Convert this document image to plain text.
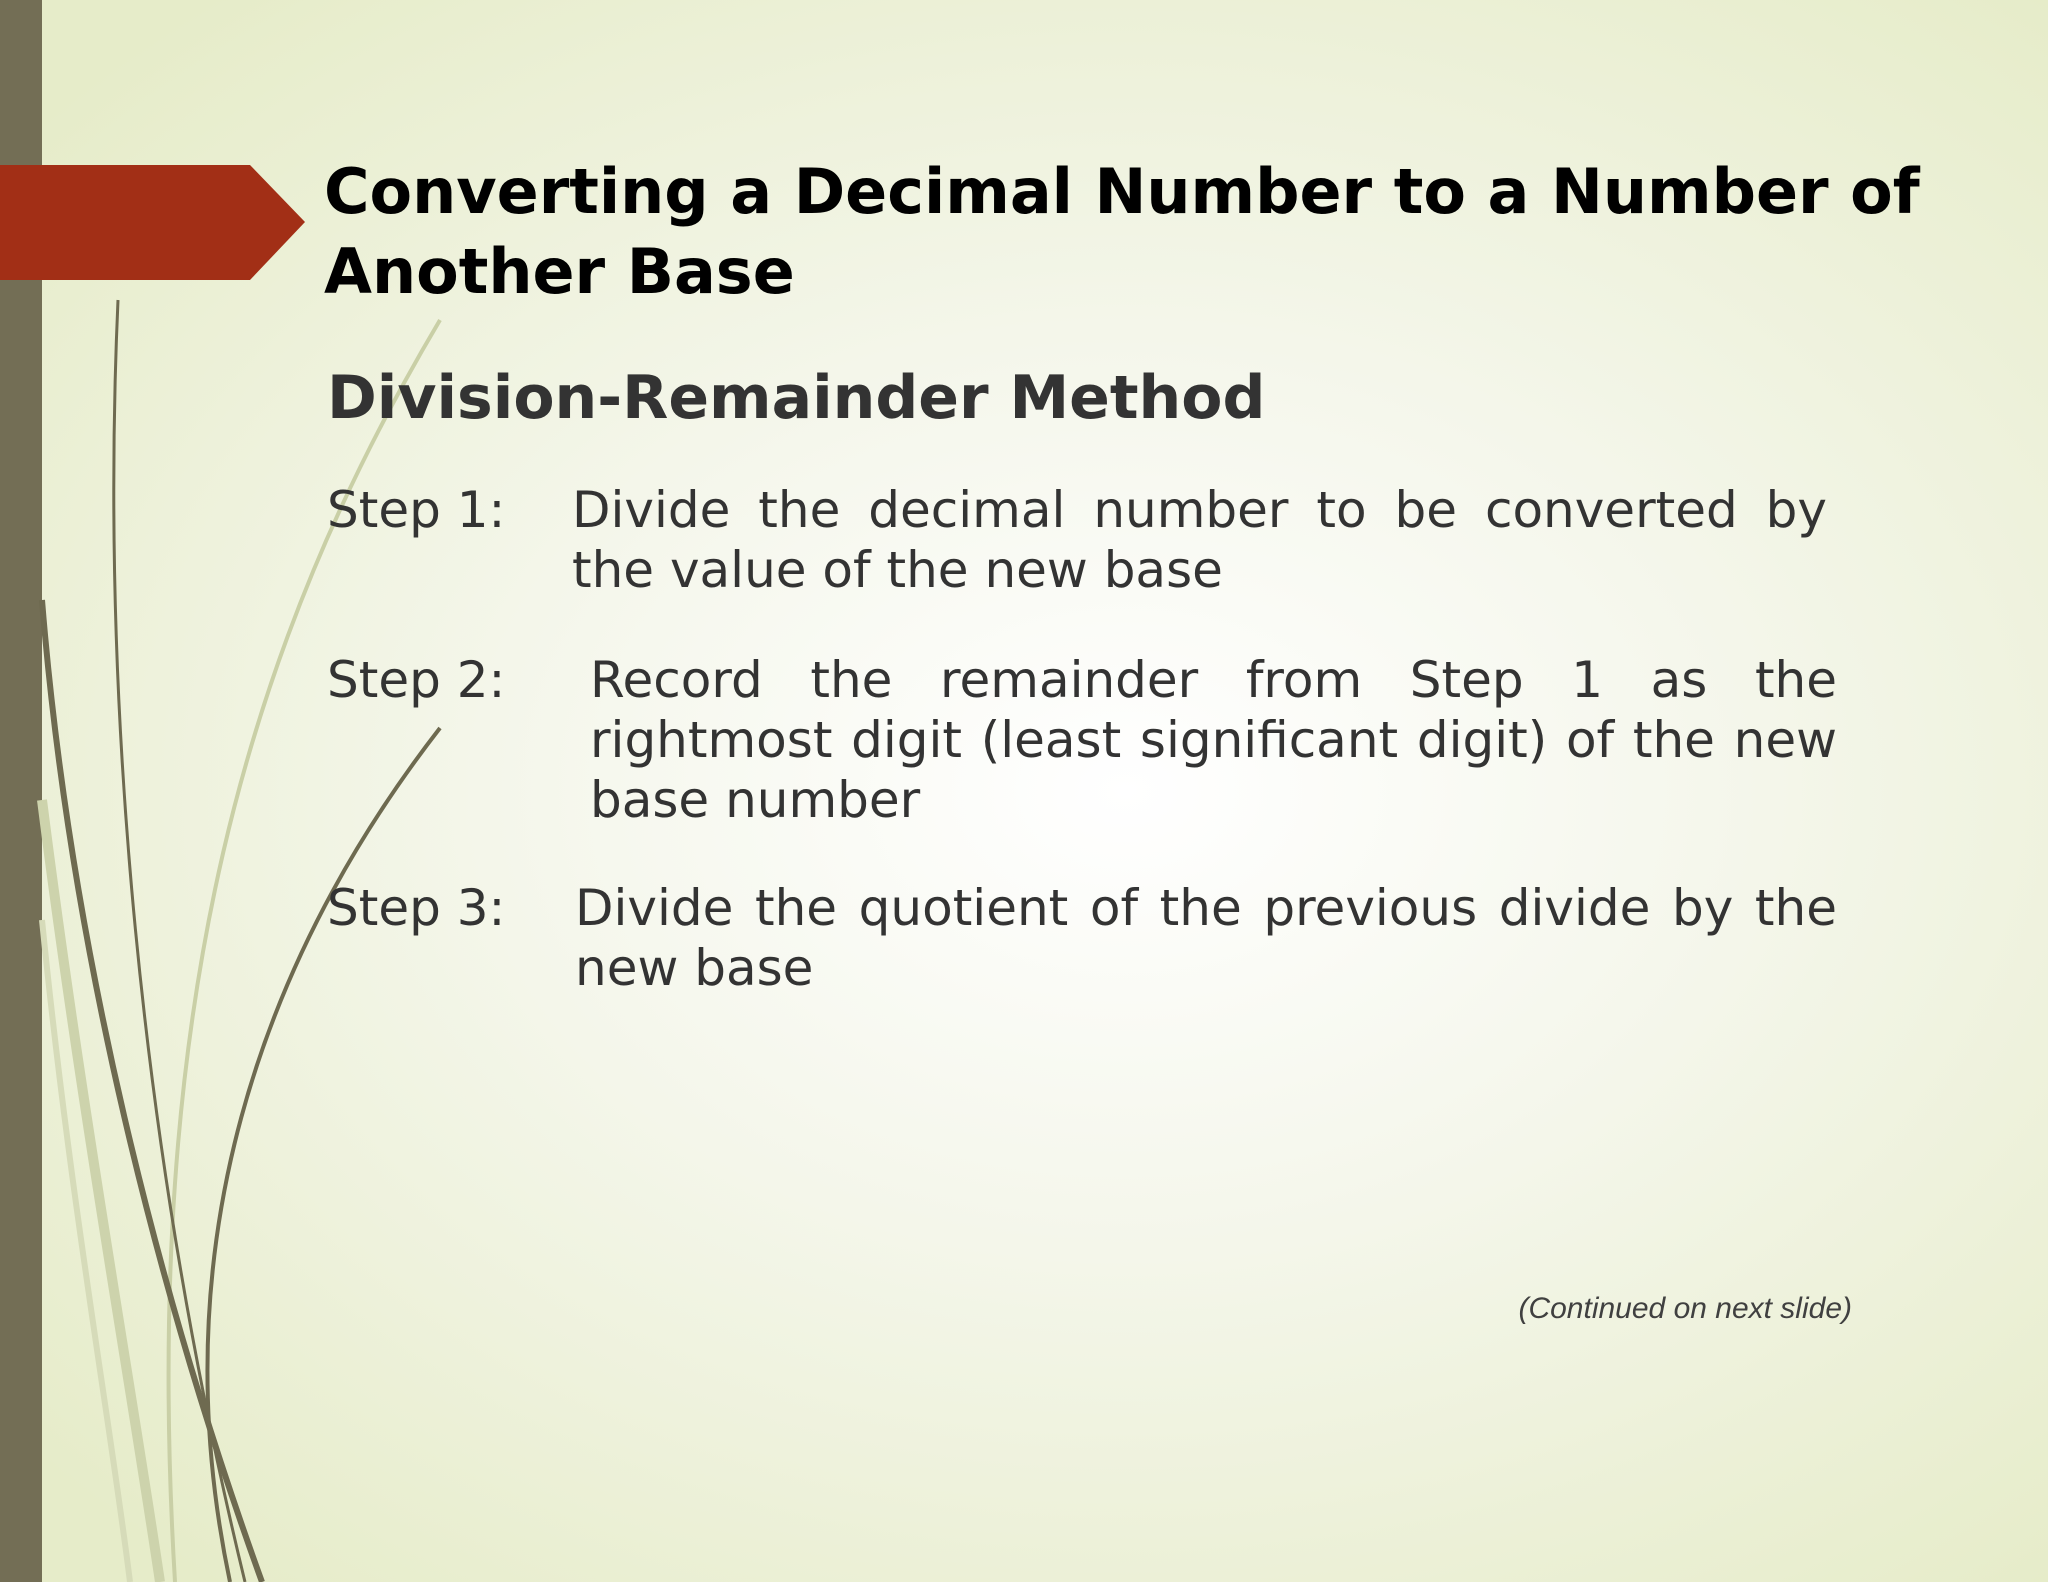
Converting a Decimal Number to a Number of Another Base
Division-Remainder Method
Step 1: Divide the decimal number to be converted by the value of the new base
Step 2: Record the remainder from Step 1 as the rightmost digit (least significant digit) of the new base number
Step 3: Divide the quotient of the previous divide by the new base
(Continued on next slide)
